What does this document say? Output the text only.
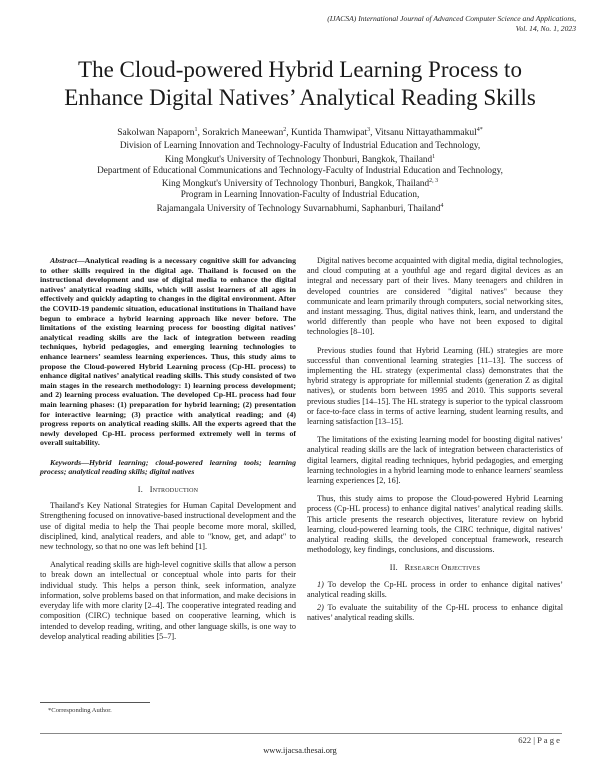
(IJACSA) International Journal of Advanced Computer Science and Applications,
Vol. 14, No. 1, 2023
The Cloud-powered Hybrid Learning Process to
Enhance Digital Natives’ Analytical Reading Skills
Sakolwan Napaporn$^1$, Sorakrich Maneewan$^2$, Kuntida Thamwipat$^3$, Vitsanu Nittayathammakul$^{4*}$
Division of Learning Innovation and Technology-Faculty of Industrial Education and Technology,
King Mongkut's University of Technology Thonburi, Bangkok, Thailand$^1$
Department of Educational Communications and Technology-Faculty of Industrial Education and Technology,
King Mongkut's University of Technology Thonburi, Bangkok, Thailand$^{2, 3}$
Program in Learning Innovation-Faculty of Industrial Education,
Rajamangala University of Technology Suvarnabhumi, Saphanburi, Thailand$^4$

Abstract—Analytical reading is a necessary cognitive skill for advancing to other skills required in the digital age. Thailand is focused on the instructional development and use of digital media to enhance the digital natives’ analytical reading skills, which will assist learners of all ages in effectively and quickly adapting to changes in the digital environment. After the COVID-19 pandemic situation, educational institutions in Thailand have begun to embrace a hybrid learning approach like never before. The limitations of the existing learning process for boosting digital natives’ analytical reading skills are the lack of integration between reading techniques, hybrid pedagogies, and emerging learning technologies to enhance learners’ seamless learning experiences. Thus, this study aims to propose the Cloud-powered Hybrid Learning process (Cp-HL process) to enhance digital natives’ analytical reading skills. This study consisted of two main stages in the research methodology: 1) learning process development; and 2) learning process evaluation. The developed Cp-HL process had four main learning phases: (1) preparation for hybrid learning; (2) presentation for interactive learning; (3) practice with analytical reading; and (4) progress reports on analytical reading skills. All the experts agreed that the newly developed Cp-HL process performed extremely well in terms of overall suitability.

Keywords—Hybrid learning; cloud-powered learning tools; learning process; analytical reading skills; digital natives

I. Introduction

Thailand's Key National Strategies for Human Capital Development and Strengthening focused on innovative-based instructional development and the use of digital media to help the Thai people become more moral, skilled, disciplined, kind, analytical readers, and able to "know, get, and adapt" to new technology, so that no one was left behind [1].

Analytical reading skills are high-level cognitive skills that allow a person to break down an intellectual or conceptual whole into parts for their individual study. This helps a person think, seek information, analyze information, solve problems based on that information, and make decisions in everyday life with more clarity [2–4]. The cooperative integrated reading and composition (CIRC) technique based on cooperative learning, which is intended to develop reading, writing, and other language skills, is one way to develop analytical reading abilities [5–7].

Digital natives become acquainted with digital media, digital technologies, and cloud computing at a youthful age and regard digital devices as an integral and necessary part of their lives. Many teenagers and children in developed countries are considered "digital natives" because they communicate and learn primarily through computers, social networking sites, and instant messaging. Thus, digital natives think, learn, and understand the world differently than people who have not been exposed to digital technologies [8–10].

Previous studies found that Hybrid Learning (HL) strategies are more successful than conventional learning strategies [11–13]. The success of implementing the HL strategy (experimental class) demonstrates that the hybrid strategy is appropriate for millennial students (generation Z as digital natives), or students born between 1995 and 2010. This supports several previous studies [14–15]. The HL strategy is superior to the typical classroom or face-to-face class in terms of active learning, student learning results, and learning satisfaction [13–15].

The limitations of the existing learning model for boosting digital natives’ analytical reading skills are the lack of integration between characteristics of digital learners, digital reading techniques, hybrid pedagogies, and emerging learning technologies in a hybrid learning mode to enhance learners' seamless learning experiences [2, 16].

Thus, this study aims to propose the Cloud-powered Hybrid Learning process (Cp-HL process) to enhance digital natives’ analytical reading skills. This article presents the research objectives, literature review on hybrid learning, cloud-powered learning tools, the CIRC technique, digital natives’ analytical reading skills, the developed conceptual framework, research methodology, key findings, conclusions, and discussions.

II. Research Objectives

1) To develop the Cp-HL process in order to enhance digital natives’ analytical reading skills.

2) To evaluate the suitability of the Cp-HL process to enhance digital natives’ analytical reading skills.

*Corresponding Author.
622 | P a g e
www.ijacsa.thesai.org
